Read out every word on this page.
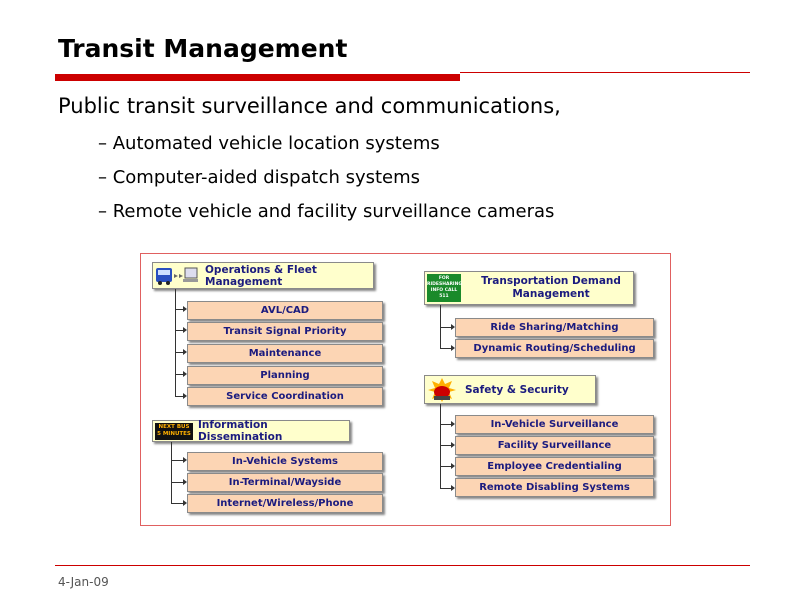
Transit Management
Public transit surveillance and communications,
– Automated vehicle location systems
– Computer-aided dispatch systems
– Remote vehicle and facility surveillance cameras
Operations & Fleet Management
AVL/CAD
Transit Signal Priority
Maintenance
Planning
Service Coordination
NEXT BUS
5 MINUTES
Information Dissemination
In-Vehicle Systems
In-Terminal/Wayside
Internet/Wireless/Phone
FOR
RIDESHARING
INFO CALL
511
Transportation Demand Management
Ride Sharing/Matching
Dynamic Routing/Scheduling
Safety & Security
In-Vehicle Surveillance
Facility Surveillance
Employee Credentialing
Remote Disabling Systems
4-Jan-09
